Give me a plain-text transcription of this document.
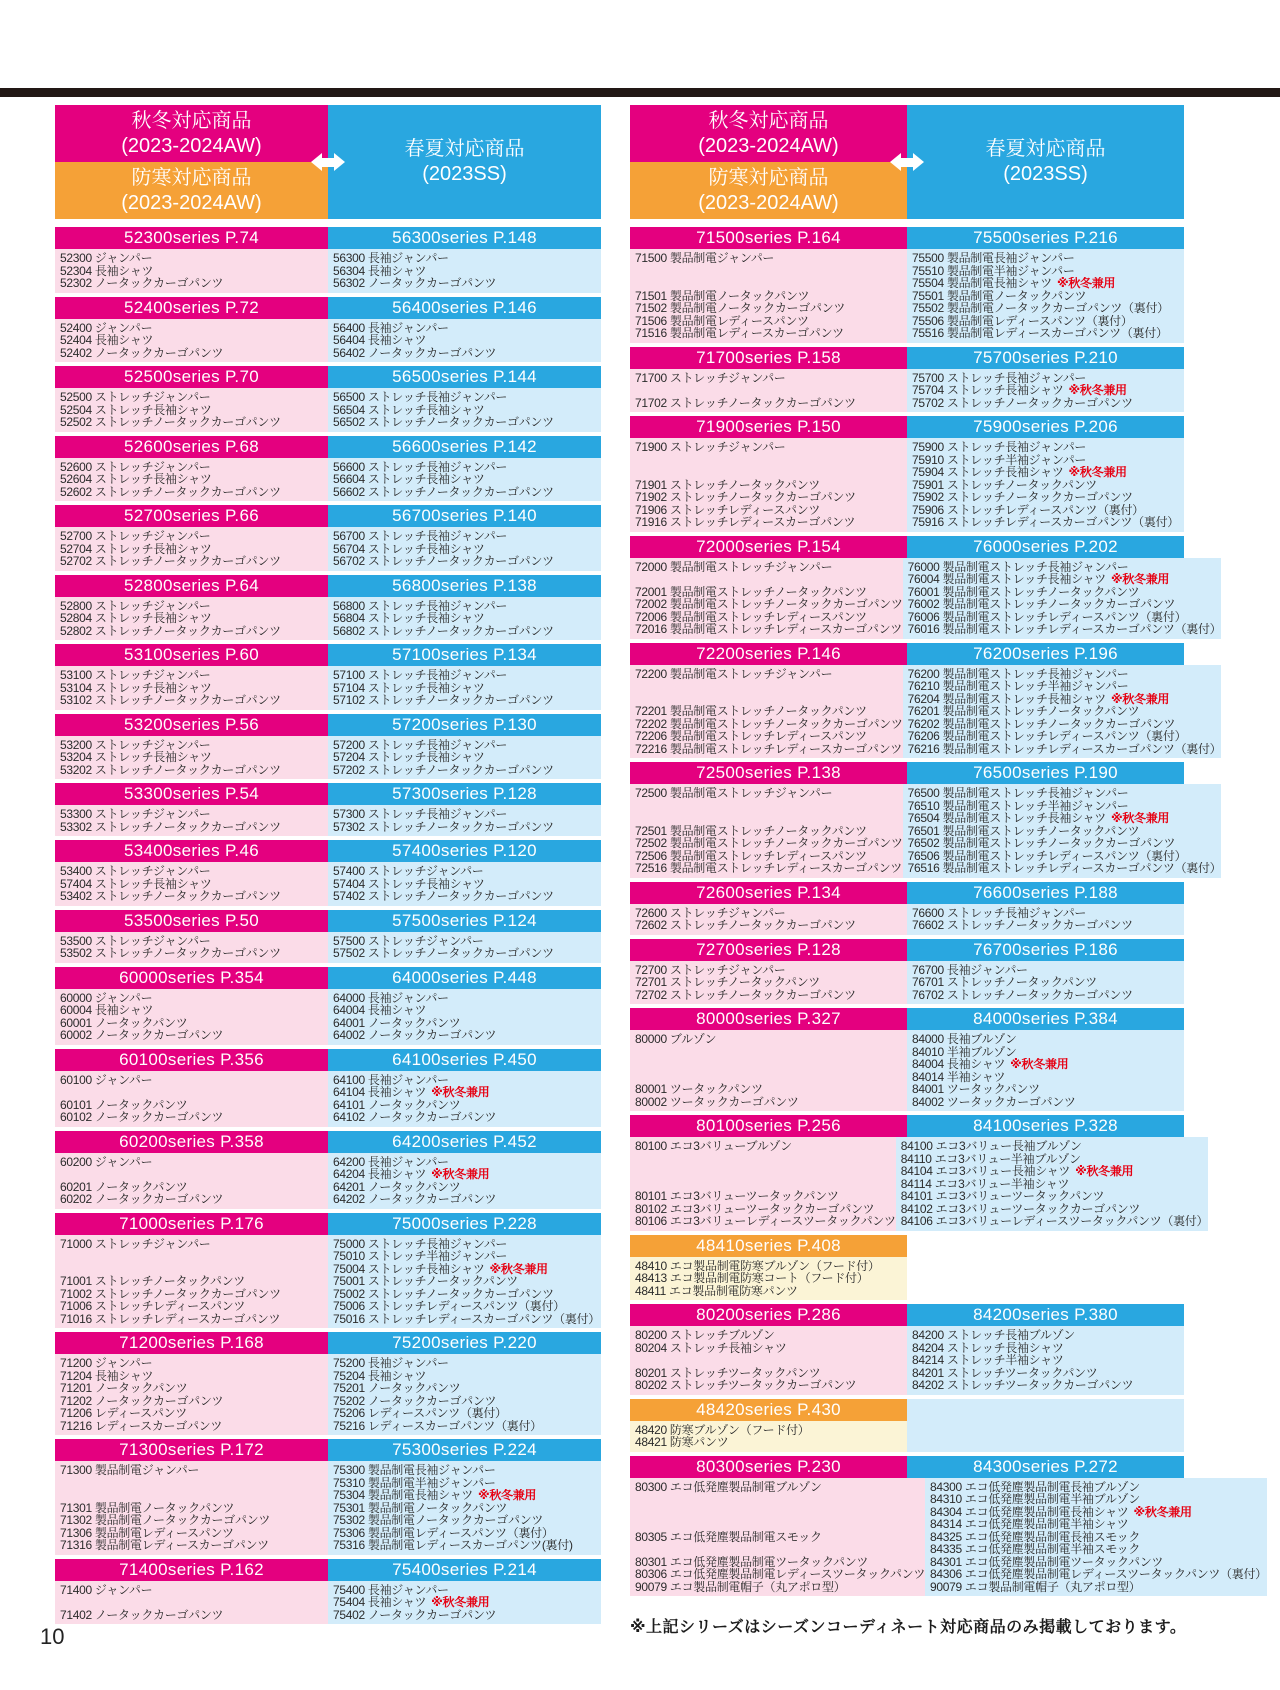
秋冬対応商品
(2023-2024AW)
防寒対応商品
(2023-2024AW)
春夏対応商品
(2023SS)
52300series P.74	56300series P.148
52300 ジャンパー
52304 長袖シャツ
52302 ノータックカーゴパンツ
56300 長袖ジャンパー
56304 長袖シャツ
56302 ノータックカーゴパンツ
52400series P.72	56400series P.146
52400 ジャンパー
52404 長袖シャツ
52402 ノータックカーゴパンツ
56400 長袖ジャンパー
56404 長袖シャツ
56402 ノータックカーゴパンツ
52500series P.70	56500series P.144
52500 ストレッチジャンパー
52504 ストレッチ長袖シャツ
52502 ストレッチノータックカーゴパンツ
56500 ストレッチ長袖ジャンパー
56504 ストレッチ長袖シャツ
56502 ストレッチノータックカーゴパンツ
52600series P.68	56600series P.142
52600 ストレッチジャンパー
52604 ストレッチ長袖シャツ
52602 ストレッチノータックカーゴパンツ
56600 ストレッチ長袖ジャンパー
56604 ストレッチ長袖シャツ
56602 ストレッチノータックカーゴパンツ
52700series P.66	56700series P.140
52700 ストレッチジャンパー
52704 ストレッチ長袖シャツ
52702 ストレッチノータックカーゴパンツ
56700 ストレッチ長袖ジャンパー
56704 ストレッチ長袖シャツ
56702 ストレッチノータックカーゴパンツ
52800series P.64	56800series P.138
52800 ストレッチジャンパー
52804 ストレッチ長袖シャツ
52802 ストレッチノータックカーゴパンツ
56800 ストレッチ長袖ジャンパー
56804 ストレッチ長袖シャツ
56802 ストレッチノータックカーゴパンツ
53100series P.60	57100series P.134
53100 ストレッチジャンパー
53104 ストレッチ長袖シャツ
53102 ストレッチノータックカーゴパンツ
57100 ストレッチ長袖ジャンパー
57104 ストレッチ長袖シャツ
57102 ストレッチノータックカーゴパンツ
53200series P.56	57200series P.130
53200 ストレッチジャンパー
53204 ストレッチ長袖シャツ
53202 ストレッチノータックカーゴパンツ
57200 ストレッチ長袖ジャンパー
57204 ストレッチ長袖シャツ
57202 ストレッチノータックカーゴパンツ
53300series P.54	57300series P.128
53300 ストレッチジャンパー
53302 ストレッチノータックカーゴパンツ
57300 ストレッチ長袖ジャンパー
57302 ストレッチノータックカーゴパンツ
53400series P.46	57400series P.120
53400 ストレッチジャンパー
57404 ストレッチ長袖シャツ
53402 ストレッチノータックカーゴパンツ
57400 ストレッチジャンパー
57404 ストレッチ長袖シャツ
57402 ストレッチノータックカーゴパンツ
53500series P.50	57500series P.124
53500 ストレッチジャンパー
53502 ストレッチノータックカーゴパンツ
57500 ストレッチジャンパー
57502 ストレッチノータックカーゴパンツ
60000series P.354	64000series P.448
60000 ジャンパー
60004 長袖シャツ
60001 ノータックパンツ
60002 ノータックカーゴパンツ
64000 長袖ジャンパー
64004 長袖シャツ
64001 ノータックパンツ
64002 ノータックカーゴパンツ
60100series P.356	64100series P.450
60100 ジャンパー
60101 ノータックパンツ
60102 ノータックカーゴパンツ
64100 長袖ジャンパー
64104 長袖シャツ ※秋冬兼用
64101 ノータックパンツ
64102 ノータックカーゴパンツ
60200series P.358	64200series P.452
60200 ジャンパー
60201 ノータックパンツ
60202 ノータックカーゴパンツ
64200 長袖ジャンパー
64204 長袖シャツ ※秋冬兼用
64201 ノータックパンツ
64202 ノータックカーゴパンツ
71000series P.176	75000series P.228
71000 ストレッチジャンパー
71001 ストレッチノータックパンツ
71002 ストレッチノータックカーゴパンツ
71006 ストレッチレディースパンツ
71016 ストレッチレディースカーゴパンツ
75000 ストレッチ長袖ジャンパー
75010 ストレッチ半袖ジャンパー
75004 ストレッチ長袖シャツ ※秋冬兼用
75001 ストレッチノータックパンツ
75002 ストレッチノータックカーゴパンツ
75006 ストレッチレディースパンツ（裏付）
75016 ストレッチレディースカーゴパンツ（裏付）
71200series P.168	75200series P.220
71200 ジャンパー
71204 長袖シャツ
71201 ノータックパンツ
71202 ノータックカーゴパンツ
71206 レディースパンツ
71216 レディースカーゴパンツ
75200 長袖ジャンパー
75204 長袖シャツ
75201 ノータックパンツ
75202 ノータックカーゴパンツ
75206 レディースパンツ（裏付）
75216 レディースカーゴパンツ（裏付）
71300series P.172	75300series P.224
71300 製品制電ジャンパー
71301 製品制電ノータックパンツ
71302 製品制電ノータックカーゴパンツ
71306 製品制電レディースパンツ
71316 製品制電レディースカーゴパンツ
75300 製品制電長袖ジャンパー
75310 製品制電半袖ジャンパー
75304 製品制電長袖シャツ ※秋冬兼用
75301 製品制電ノータックパンツ
75302 製品制電ノータックカーゴパンツ
75306 製品制電レディースパンツ（裏付）
75316 製品制電レディースカーゴパンツ(裏付)
71400series P.162	75400series P.214
71400 ジャンパー
71402 ノータックカーゴパンツ
75400 長袖ジャンパー
75404 長袖シャツ ※秋冬兼用
75402 ノータックカーゴパンツ
秋冬対応商品
(2023-2024AW)
防寒対応商品
(2023-2024AW)
春夏対応商品
(2023SS)
71500series P.164	75500series P.216
71500 製品制電ジャンパー
71501 製品制電ノータックパンツ
71502 製品制電ノータックカーゴパンツ
71506 製品制電レディースパンツ
71516 製品制電レディースカーゴパンツ
75500 製品制電長袖ジャンパー
75510 製品制電半袖ジャンパー
75504 製品制電長袖シャツ ※秋冬兼用
75501 製品制電ノータックパンツ
75502 製品制電ノータックカーゴパンツ（裏付）
75506 製品制電レディースパンツ（裏付）
75516 製品制電レディースカーゴパンツ（裏付）
71700series P.158	75700series P.210
71700 ストレッチジャンパー
71702 ストレッチノータックカーゴパンツ
75700 ストレッチ長袖ジャンパー
75704 ストレッチ長袖シャツ ※秋冬兼用
75702 ストレッチノータックカーゴパンツ
71900series P.150	75900series P.206
71900 ストレッチジャンパー
71901 ストレッチノータックパンツ
71902 ストレッチノータックカーゴパンツ
71906 ストレッチレディースパンツ
71916 ストレッチレディースカーゴパンツ
75900 ストレッチ長袖ジャンパー
75910 ストレッチ半袖ジャンパー
75904 ストレッチ長袖シャツ ※秋冬兼用
75901 ストレッチノータックパンツ
75902 ストレッチノータックカーゴパンツ
75906 ストレッチレディースパンツ（裏付）
75916 ストレッチレディースカーゴパンツ（裏付）
72000series P.154	76000series P.202
72000 製品制電ストレッチジャンパー
72001 製品制電ストレッチノータックパンツ
72002 製品制電ストレッチノータックカーゴパンツ
72006 製品制電ストレッチレディースパンツ
72016 製品制電ストレッチレディースカーゴパンツ
76000 製品制電ストレッチ長袖ジャンパー
76004 製品制電ストレッチ長袖シャツ ※秋冬兼用
76001 製品制電ストレッチノータックパンツ
76002 製品制電ストレッチノータックカーゴパンツ
76006 製品制電ストレッチレディースパンツ（裏付）
76016 製品制電ストレッチレディースカーゴパンツ（裏付）
72200series P.146	76200series P.196
72200 製品制電ストレッチジャンパー
72201 製品制電ストレッチノータックパンツ
72202 製品制電ストレッチノータックカーゴパンツ
72206 製品制電ストレッチレディースパンツ
72216 製品制電ストレッチレディースカーゴパンツ
76200 製品制電ストレッチ長袖ジャンパー
76210 製品制電ストレッチ半袖ジャンパー
76204 製品制電ストレッチ長袖シャツ ※秋冬兼用
76201 製品制電ストレッチノータックパンツ
76202 製品制電ストレッチノータックカーゴパンツ
76206 製品制電ストレッチレディースパンツ（裏付）
76216 製品制電ストレッチレディースカーゴパンツ（裏付）
72500series P.138	76500series P.190
72500 製品制電ストレッチジャンパー
72501 製品制電ストレッチノータックパンツ
72502 製品制電ストレッチノータックカーゴパンツ
72506 製品制電ストレッチレディースパンツ
72516 製品制電ストレッチレディースカーゴパンツ
76500 製品制電ストレッチ長袖ジャンパー
76510 製品制電ストレッチ半袖ジャンパー
76504 製品制電ストレッチ長袖シャツ ※秋冬兼用
76501 製品制電ストレッチノータックパンツ
76502 製品制電ストレッチノータックカーゴパンツ
76506 製品制電ストレッチレディースパンツ（裏付）
76516 製品制電ストレッチレディースカーゴパンツ（裏付）
72600series P.134	76600series P.188
72600 ストレッチジャンパー
72602 ストレッチノータックカーゴパンツ
76600 ストレッチ長袖ジャンパー
76602 ストレッチノータックカーゴパンツ
72700series P.128	76700series P.186
72700 ストレッチジャンパー
72701 ストレッチノータックパンツ
72702 ストレッチノータックカーゴパンツ
76700 長袖ジャンパー
76701 ストレッチノータックパンツ
76702 ストレッチノータックカーゴパンツ
80000series P.327	84000series P.384
80000 ブルゾン
80001 ツータックパンツ
80002 ツータックカーゴパンツ
84000 長袖ブルゾン
84010 半袖ブルゾン
84004 長袖シャツ ※秋冬兼用
84014 半袖シャツ
84001 ツータックパンツ
84002 ツータックカーゴパンツ
80100series P.256	84100series P.328
80100 エコ3バリューブルゾン
80101 エコ3バリューツータックパンツ
80102 エコ3バリューツータックカーゴパンツ
80106 エコ3バリューレディースツータックパンツ
84100 エコ3バリュー長袖ブルゾン
84110 エコ3バリュー半袖ブルゾン
84104 エコ3バリュー長袖シャツ ※秋冬兼用
84114 エコ3バリュー半袖シャツ
84101 エコ3バリューツータックパンツ
84102 エコ3バリューツータックカーゴパンツ
84106 エコ3バリューレディースツータックパンツ（裏付）
48410series P.408
48410 エコ製品制電防寒ブルゾン（フード付）
48413 エコ製品制電防寒コート（フード付）
48411 エコ製品制電防寒パンツ
80200series P.286	84200series P.380
80200 ストレッチブルゾン
80204 ストレッチ長袖シャツ
80201 ストレッチツータックパンツ
80202 ストレッチツータックカーゴパンツ
84200 ストレッチ長袖ブルゾン
84204 ストレッチ長袖シャツ
84214 ストレッチ半袖シャツ
84201 ストレッチツータックパンツ
84202 ストレッチツータックカーゴパンツ
48420series P.430
48420 防寒ブルゾン（フード付）
48421 防寒パンツ
80300series P.230	84300series P.272
80300 エコ低発塵製品制電ブルゾン
80305 エコ低発塵製品制電スモック
80301 エコ低発塵製品制電ツータックパンツ
80306 エコ低発塵製品制電レディースツータックパンツ
90079 エコ製品制電帽子（丸アポロ型）
84300 エコ低発塵製品制電長袖ブルゾン
84310 エコ低発塵製品制電半袖ブルゾン
84304 エコ低発塵製品制電長袖シャツ ※秋冬兼用
84314 エコ低発塵製品制電半袖シャツ
84325 エコ低発塵製品制電長袖スモック
84335 エコ低発塵製品制電半袖スモック
84301 エコ低発塵製品制電ツータックパンツ
84306 エコ低発塵製品制電レディースツータックパンツ（裏付）
90079 エコ製品制電帽子（丸アポロ型）
※上記シリーズはシーズンコーディネート対応商品のみ掲載しております。
10
